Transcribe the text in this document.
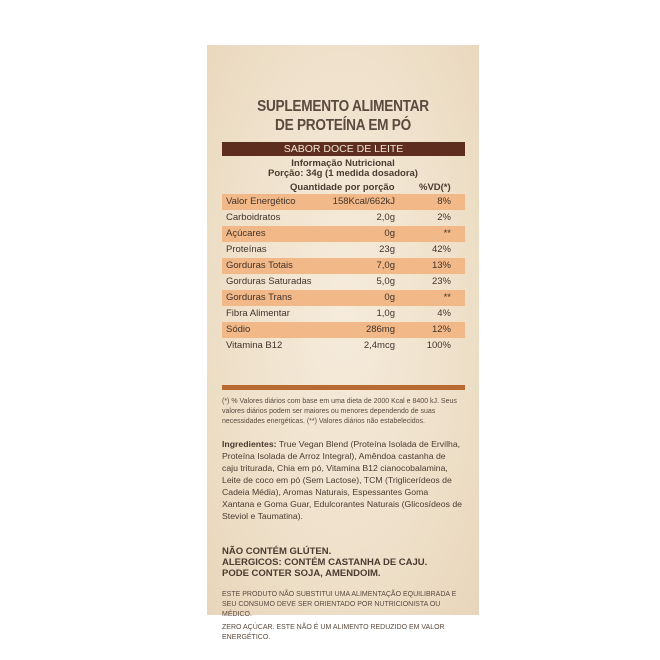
SUPLEMENTO ALIMENTAR
DE PROTEÍNA EM PÓ
SABOR DOCE DE LEITE
Informação Nutricional
Porção: 34g (1 medida dosadora)
Quantidade por porção	%VD(*)
Valor Energético	158Kcal/662kJ	8%
Carboidratos	2,0g	2%
Açúcares	0g	**
Proteínas	23g	42%
Gorduras Totais	7,0g	13%
Gorduras Saturadas	5,0g	23%
Gorduras Trans	0g	**
Fibra Alimentar	1,0g	4%
Sódio	286mg	12%
Vitamina B12	2,4mcg	100%
(*) % Valores diários com base em uma dieta de 2000 Kcal e 8400 kJ. Seus valores diários podem ser maiores ou menores dependendo de suas necessidades energéticas. (**) Valores diários não estabelecidos.
Ingredientes: True Vegan Blend (Proteína Isolada de Ervilha, Proteína Isolada de Arroz Integral), Amêndoa castanha de caju triturada, Chia em pó, Vitamina B12 cianocobalamina, Leite de coco em pó (Sem Lactose), TCM (Triglicerídeos de Cadeia Média), Aromas Naturais, Espessantes Goma Xantana e Goma Guar, Edulcorantes Naturais (Glicosídeos de Steviol e Taumatina).
NÃO CONTÉM GLÚTEN.
ALERGICOS: CONTÉM CASTANHA DE CAJU.
PODE CONTER SOJA, AMENDOIM.
ESTE PRODUTO NÃO SUBSTITUI UMA ALIMENTAÇÃO EQUILIBRADA E SEU CONSUMO DEVE SER ORIENTADO POR NUTRICIONISTA OU MÉDICO.
ZERO AÇÚCAR. ESTE NÃO É UM ALIMENTO REDUZIDO EM VALOR ENERGÉTICO.
